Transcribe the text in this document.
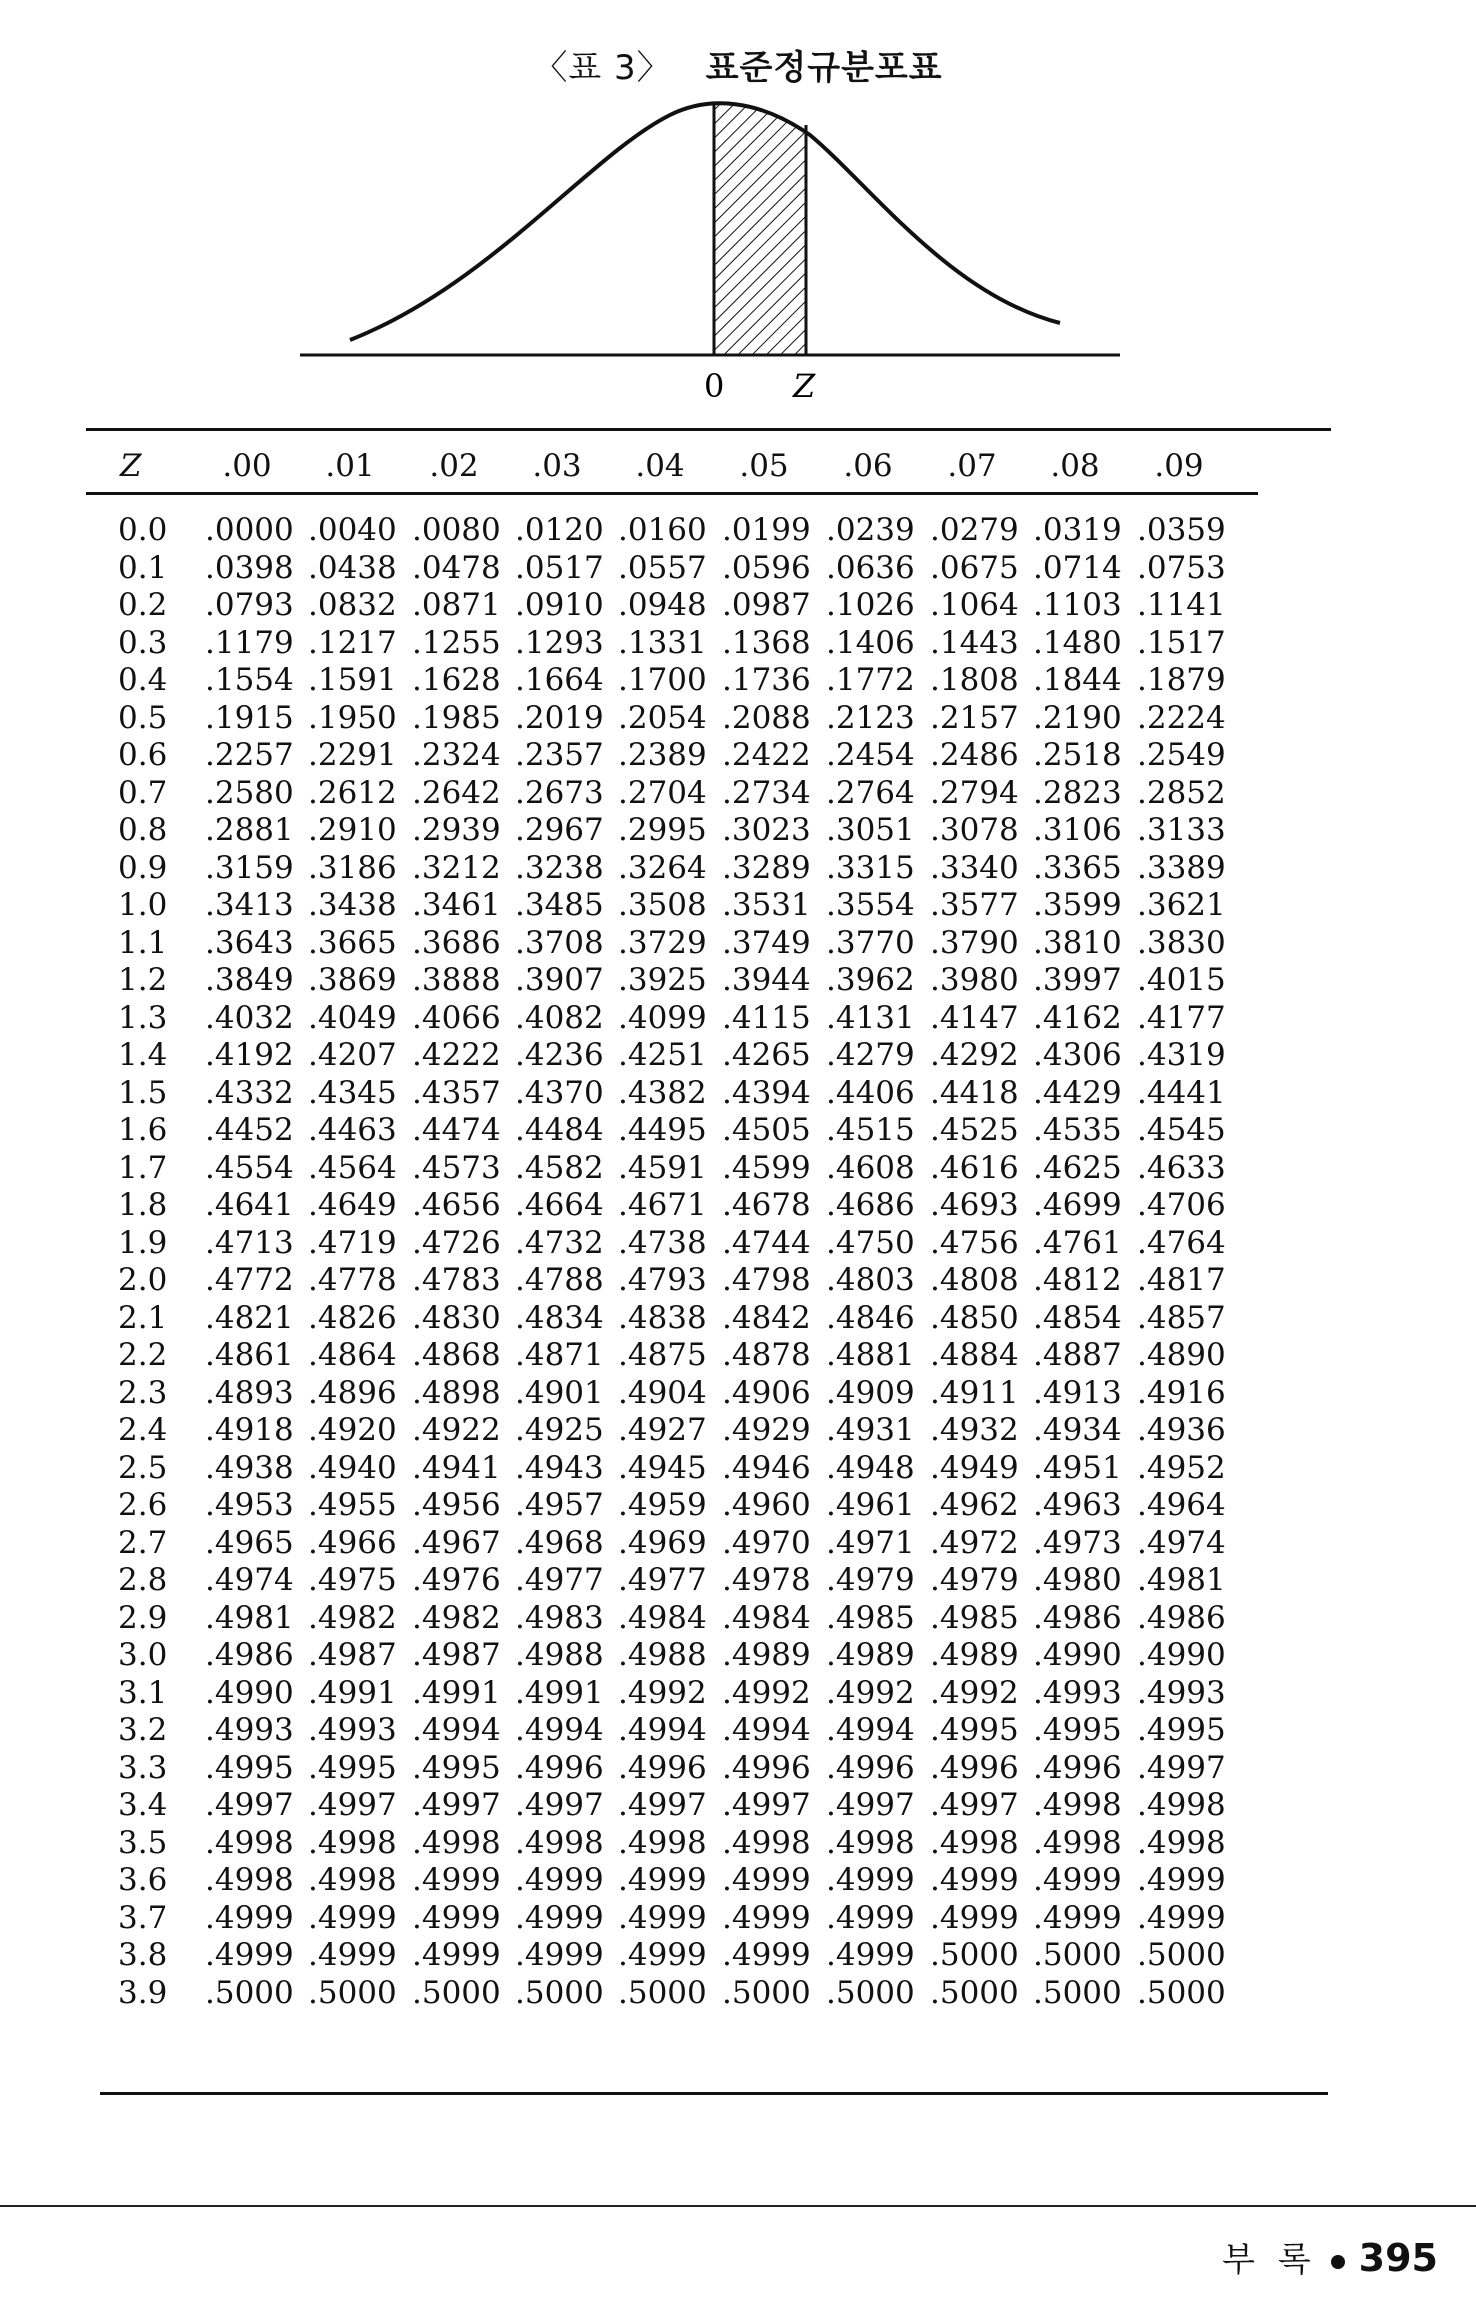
〈표 3〉 표준정규분포표
0 Z
Z	.00	.01	.02	.03	.04	.05	.06	.07	.08	.09
0.0	.0000 .0040 .0080 .0120 .0160 .0199 .0239 .0279 .0319 .0359
0.1	.0398 .0438 .0478 .0517 .0557 .0596 .0636 .0675 .0714 .0753
0.2	.0793 .0832 .0871 .0910 .0948 .0987 .1026 .1064 .1103 .1141
0.3	.1179 .1217 .1255 .1293 .1331 .1368 .1406 .1443 .1480 .1517
0.4	.1554 .1591 .1628 .1664 .1700 .1736 .1772 .1808 .1844 .1879
0.5	.1915 .1950 .1985 .2019 .2054 .2088 .2123 .2157 .2190 .2224
0.6	.2257 .2291 .2324 .2357 .2389 .2422 .2454 .2486 .2518 .2549
0.7	.2580 .2612 .2642 .2673 .2704 .2734 .2764 .2794 .2823 .2852
0.8	.2881 .2910 .2939 .2967 .2995 .3023 .3051 .3078 .3106 .3133
0.9	.3159 .3186 .3212 .3238 .3264 .3289 .3315 .3340 .3365 .3389
1.0	.3413 .3438 .3461 .3485 .3508 .3531 .3554 .3577 .3599 .3621
1.1	.3643 .3665 .3686 .3708 .3729 .3749 .3770 .3790 .3810 .3830
1.2	.3849 .3869 .3888 .3907 .3925 .3944 .3962 .3980 .3997 .4015
1.3	.4032 .4049 .4066 .4082 .4099 .4115 .4131 .4147 .4162 .4177
1.4	.4192 .4207 .4222 .4236 .4251 .4265 .4279 .4292 .4306 .4319
1.5	.4332 .4345 .4357 .4370 .4382 .4394 .4406 .4418 .4429 .4441
1.6	.4452 .4463 .4474 .4484 .4495 .4505 .4515 .4525 .4535 .4545
1.7	.4554 .4564 .4573 .4582 .4591 .4599 .4608 .4616 .4625 .4633
1.8	.4641 .4649 .4656 .4664 .4671 .4678 .4686 .4693 .4699 .4706
1.9	.4713 .4719 .4726 .4732 .4738 .4744 .4750 .4756 .4761 .4764
2.0	.4772 .4778 .4783 .4788 .4793 .4798 .4803 .4808 .4812 .4817
2.1	.4821 .4826 .4830 .4834 .4838 .4842 .4846 .4850 .4854 .4857
2.2	.4861 .4864 .4868 .4871 .4875 .4878 .4881 .4884 .4887 .4890
2.3	.4893 .4896 .4898 .4901 .4904 .4906 .4909 .4911 .4913 .4916
2.4	.4918 .4920 .4922 .4925 .4927 .4929 .4931 .4932 .4934 .4936
2.5	.4938 .4940 .4941 .4943 .4945 .4946 .4948 .4949 .4951 .4952
2.6	.4953 .4955 .4956 .4957 .4959 .4960 .4961 .4962 .4963 .4964
2.7	.4965 .4966 .4967 .4968 .4969 .4970 .4971 .4972 .4973 .4974
2.8	.4974 .4975 .4976 .4977 .4977 .4978 .4979 .4979 .4980 .4981
2.9	.4981 .4982 .4982 .4983 .4984 .4984 .4985 .4985 .4986 .4986
3.0	.4986 .4987 .4987 .4988 .4988 .4989 .4989 .4989 .4990 .4990
3.1	.4990 .4991 .4991 .4991 .4992 .4992 .4992 .4992 .4993 .4993
3.2	.4993 .4993 .4994 .4994 .4994 .4994 .4994 .4995 .4995 .4995
3.3	.4995 .4995 .4995 .4996 .4996 .4996 .4996 .4996 .4996 .4997
3.4	.4997 .4997 .4997 .4997 .4997 .4997 .4997 .4997 .4998 .4998
3.5	.4998 .4998 .4998 .4998 .4998 .4998 .4998 .4998 .4998 .4998
3.6	.4998 .4998 .4999 .4999 .4999 .4999 .4999 .4999 .4999 .4999
3.7	.4999 .4999 .4999 .4999 .4999 .4999 .4999 .4999 .4999 .4999
3.8	.4999 .4999 .4999 .4999 .4999 .4999 .4999 .5000 .5000 .5000
3.9	.5000 .5000 .5000 .5000 .5000 .5000 .5000 .5000 .5000 .5000
부 록 395
